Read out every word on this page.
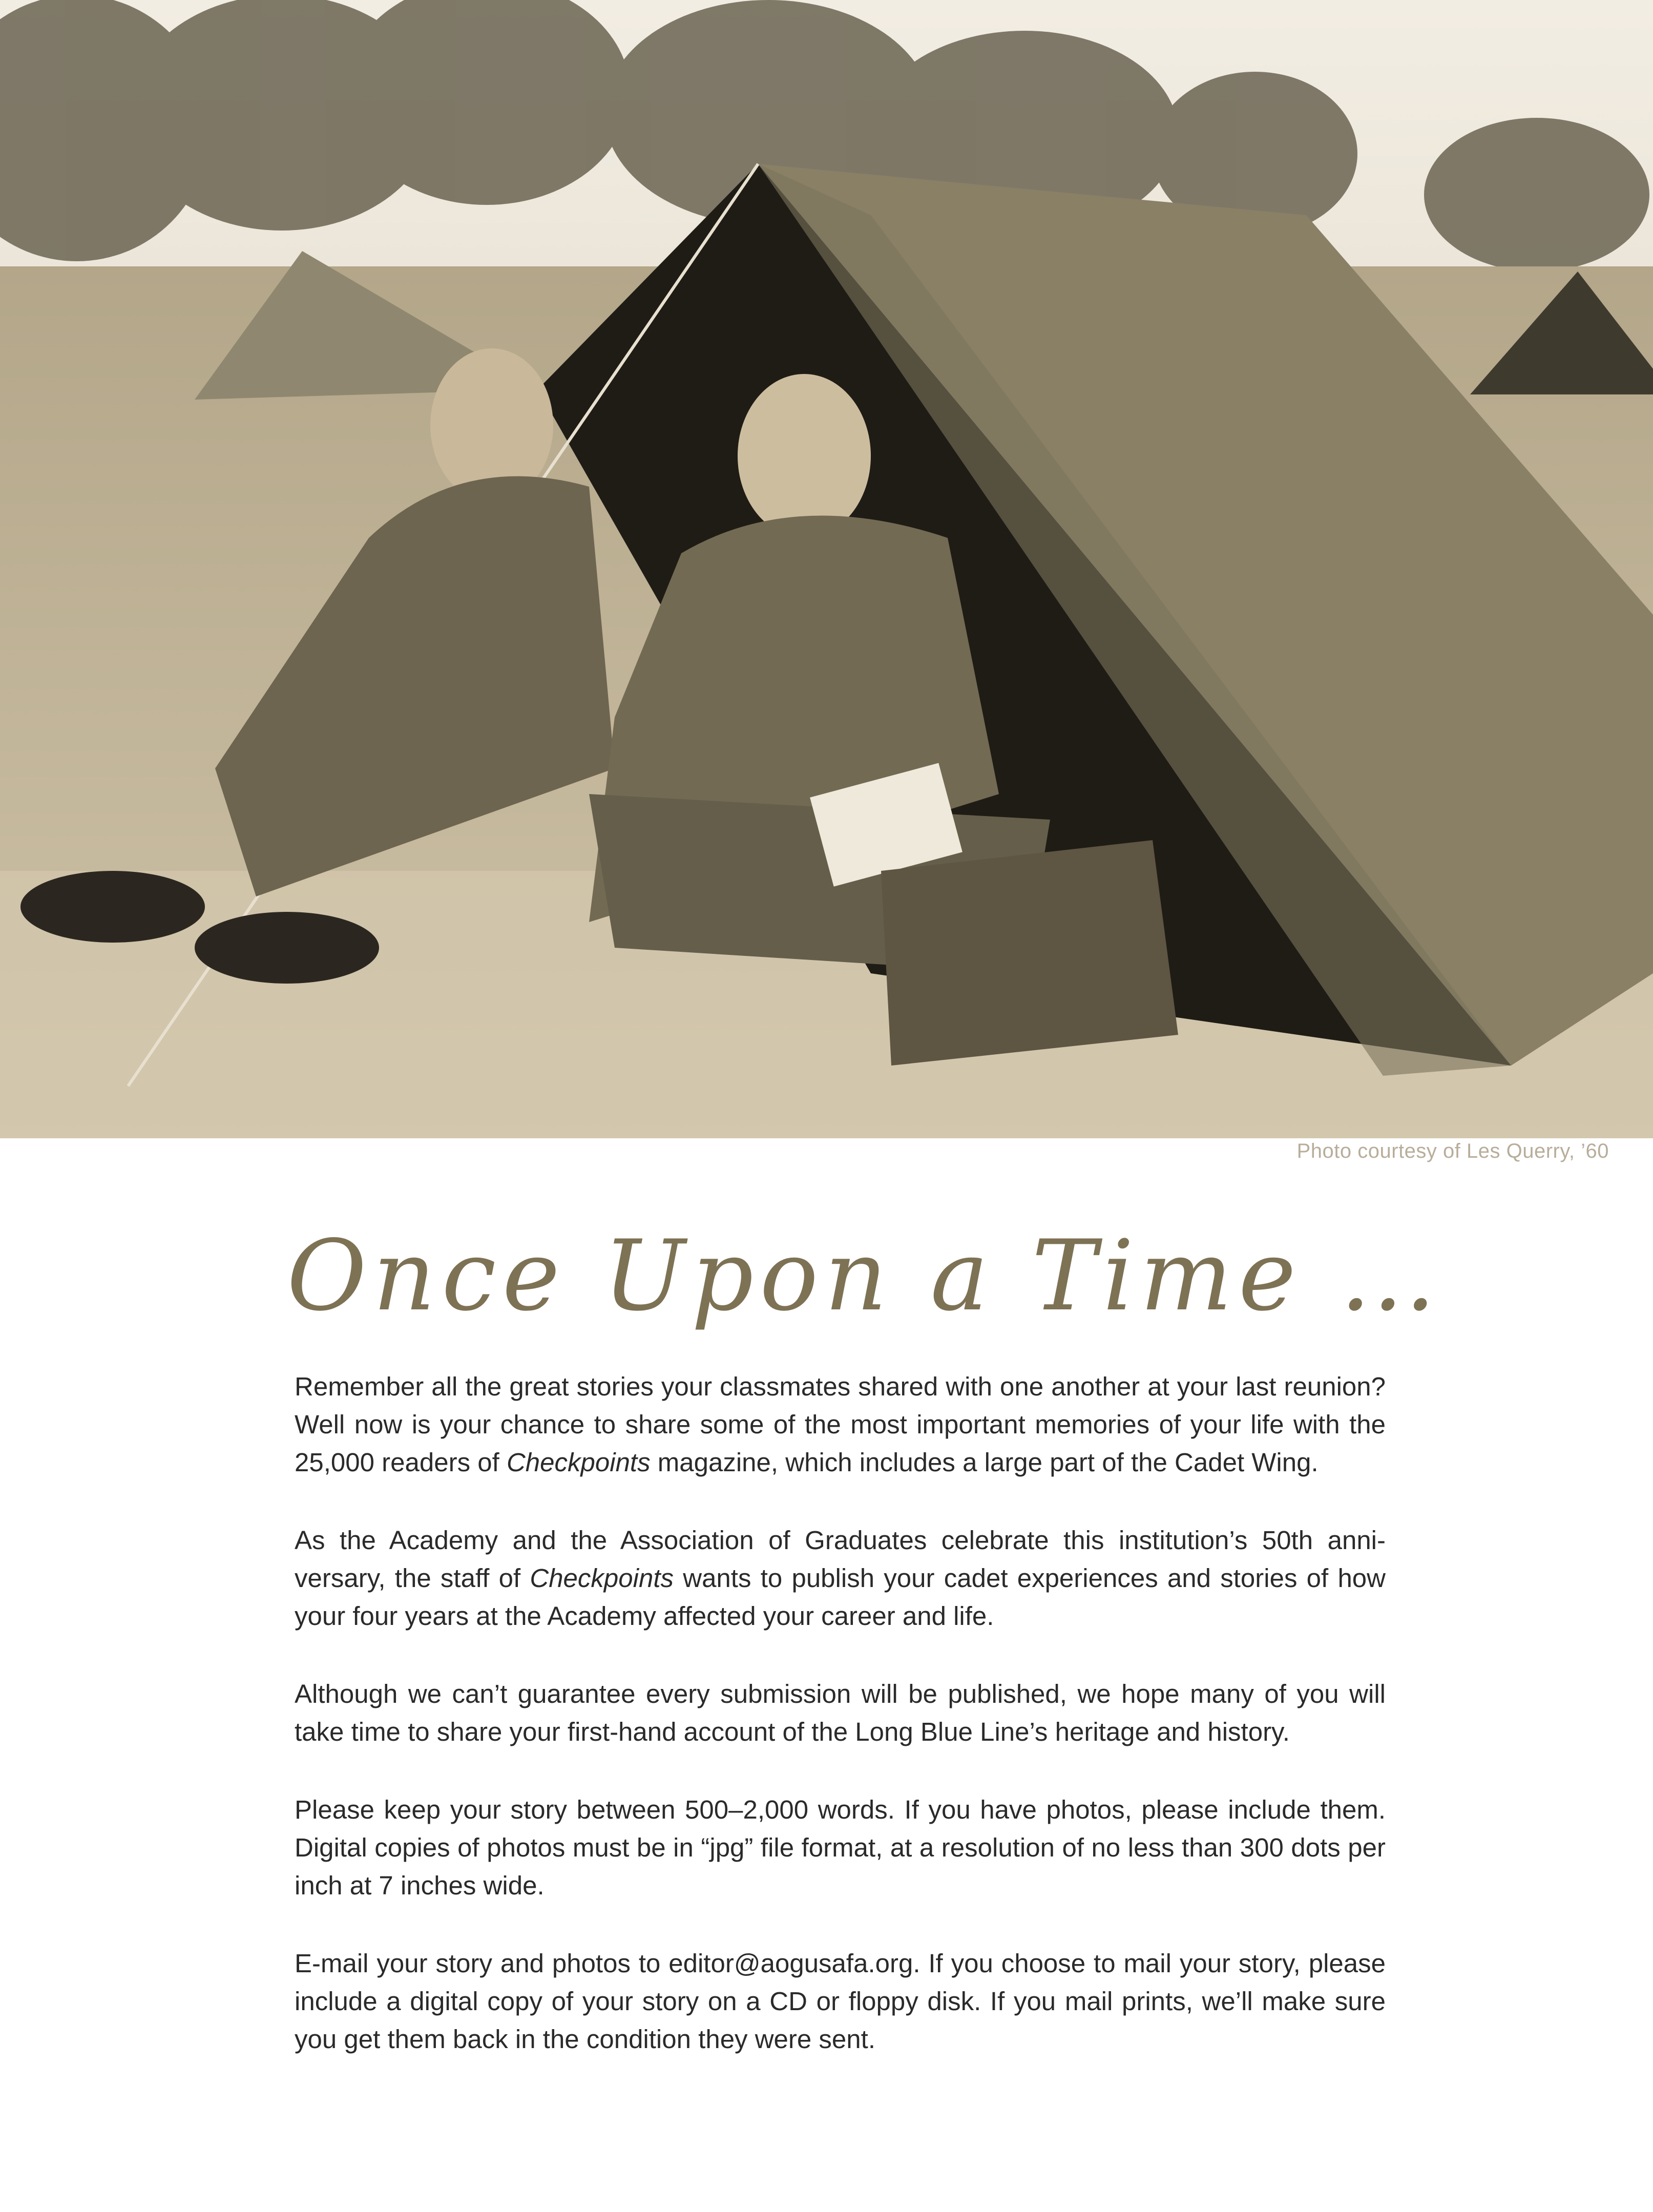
Photo courtesy of Les Querry, ’60
Once Upon a Time …

Remember all the great stories your classmates shared with one another at your last reunion? Well now is your chance to share some of the most important memories of your life with the 25,000 readers of Checkpoints magazine, which includes a large part of the Cadet Wing.

As the Academy and the Association of Graduates celebrate this institution’s 50th anni-versary, the staff of Checkpoints wants to publish your cadet experiences and stories of how your four years at the Academy affected your career and life.

Although we can’t guarantee every submission will be published, we hope many of you will take time to share your first-hand account of the Long Blue Line’s heritage and history.

Please keep your story between 500–2,000 words. If you have photos, please include them. Digital copies of photos must be in “jpg” file format, at a resolution of no less than 300 dots per inch at 7 inches wide.

E-mail your story and photos to editor@aogusafa.org. If you choose to mail your story, please include a digital copy of your story on a CD or floppy disk. If you mail prints, we’ll make sure you get them back in the condition they were sent.
